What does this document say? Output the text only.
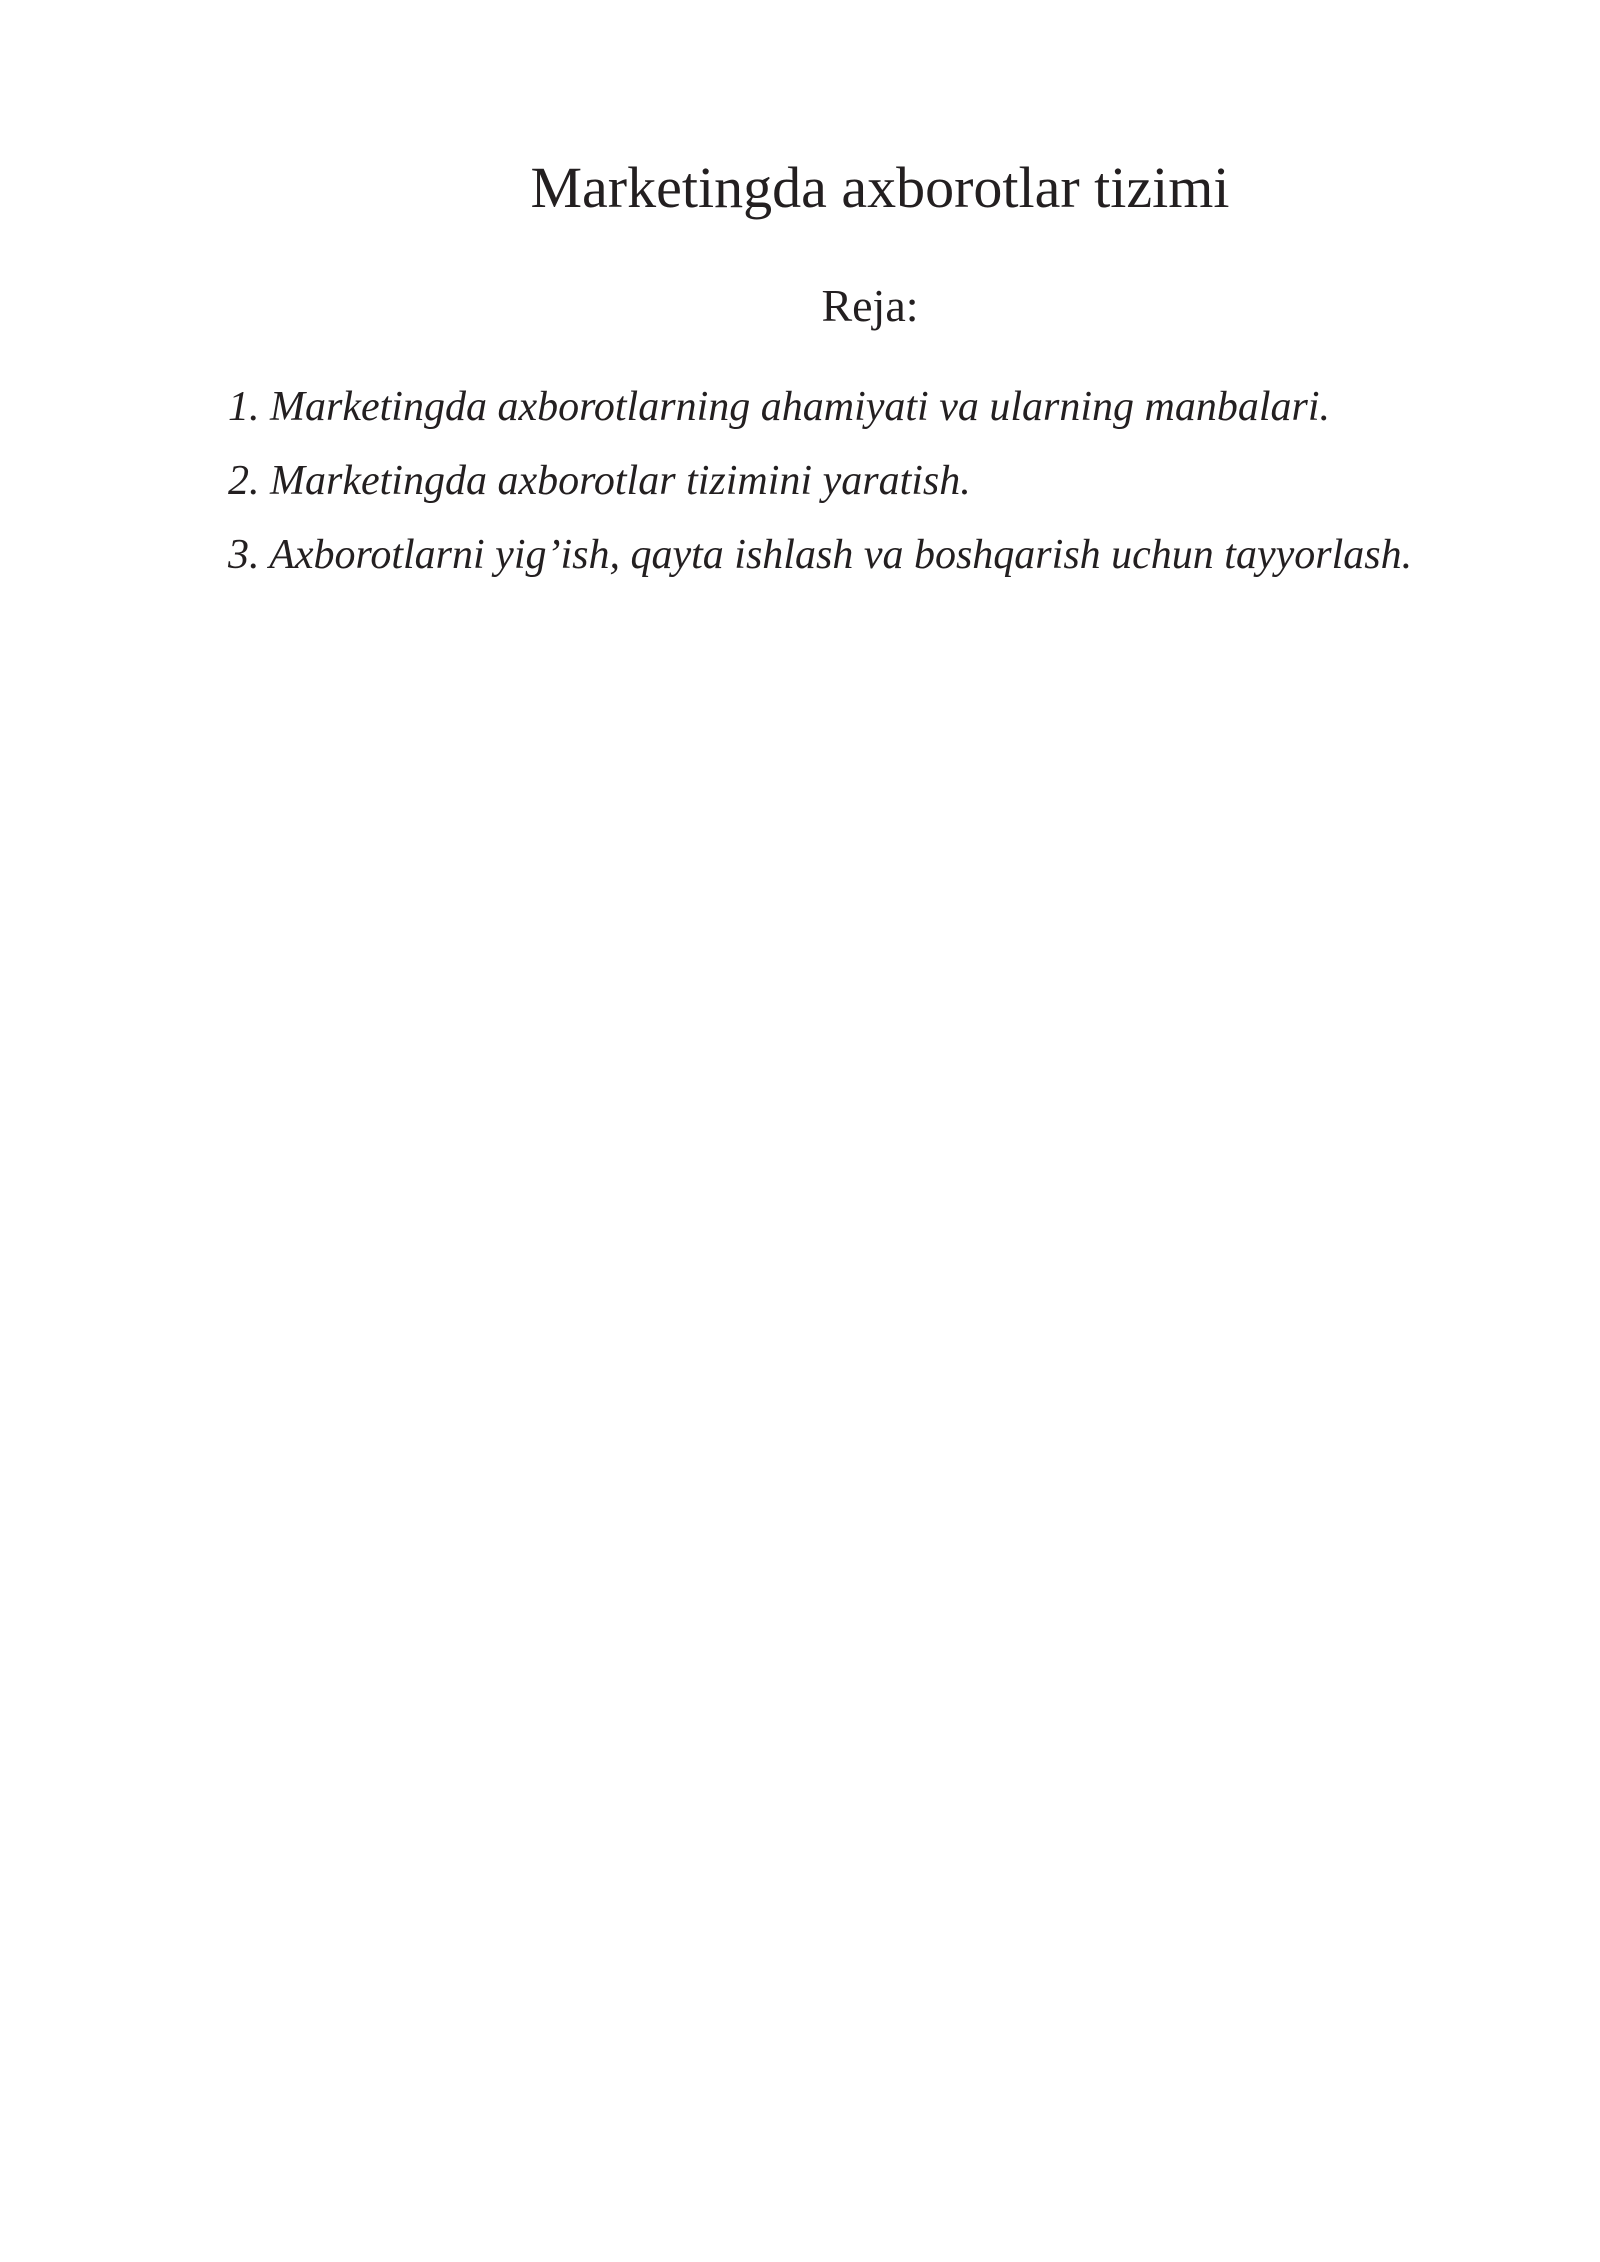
Marketingda axborotlar tizimi
Reja:
1. Marketingda axborotlarning ahamiyati va ularning manbalari.
2. Marketingda axborotlar tizimini yaratish.
3. Axborotlarni yig’ish, qayta ishlash va boshqarish uchun tayyorlash.
